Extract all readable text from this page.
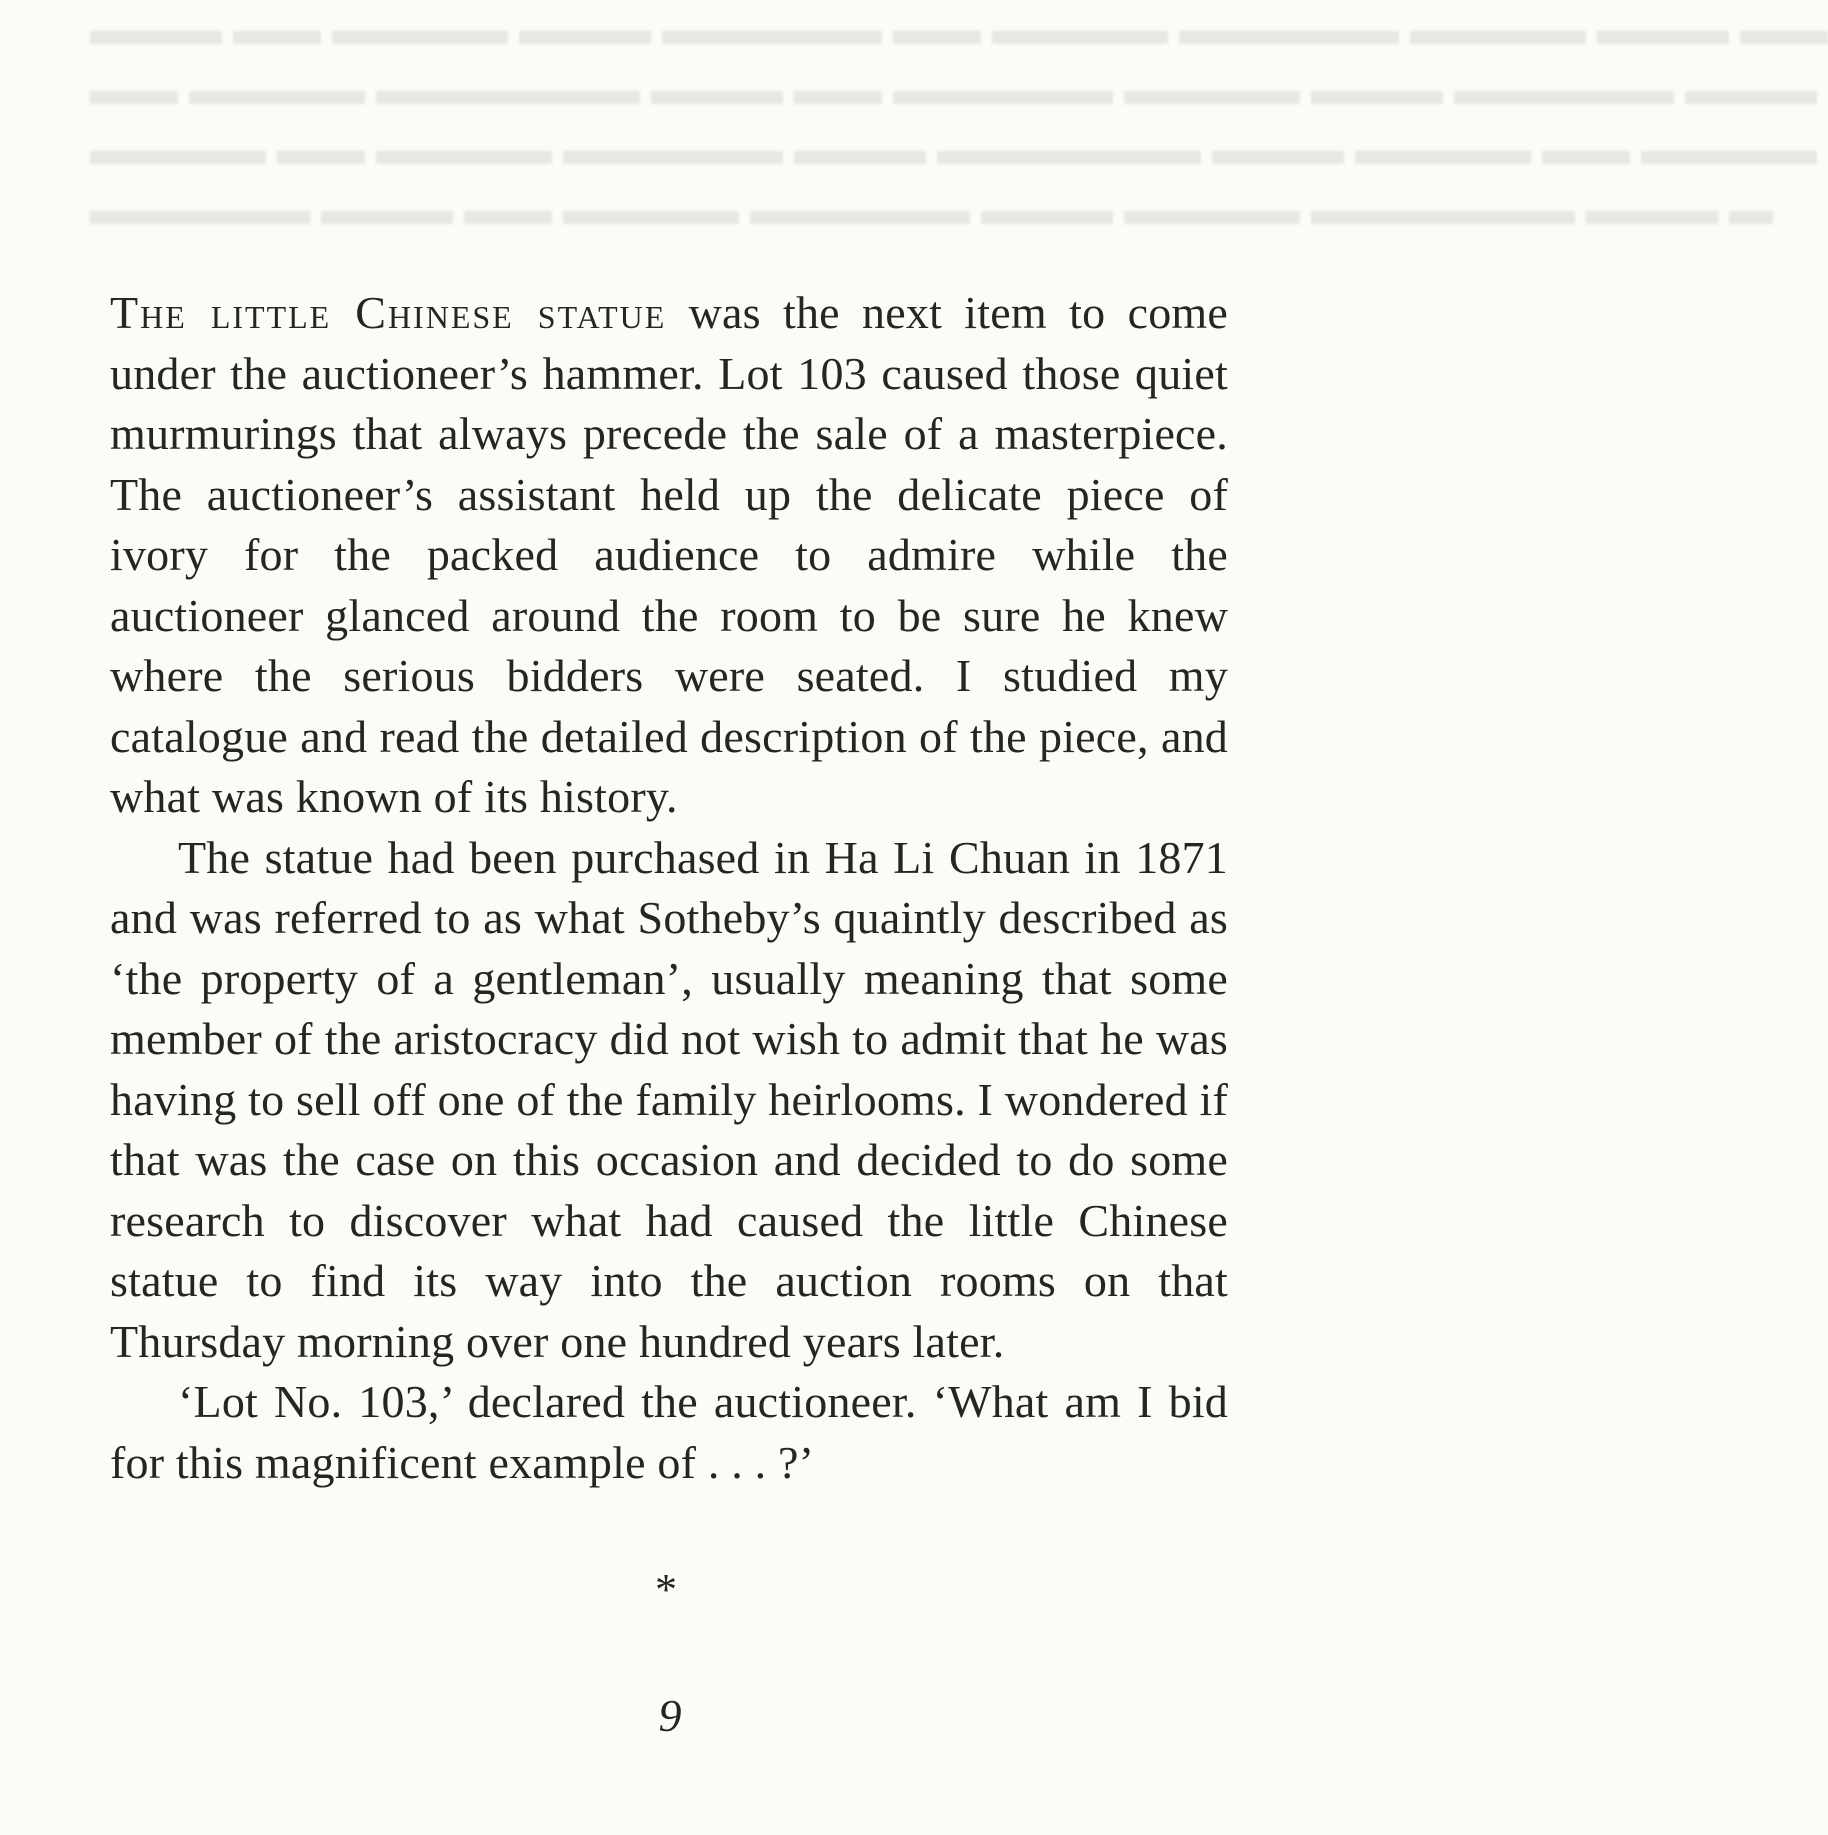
▬▬▬ ▬▬ ▬▬▬▬ ▬▬▬ ▬▬▬▬▬ ▬▬ ▬▬▬▬ ▬▬▬▬▬ ▬▬▬▬ ▬▬▬ ▬▬
▬▬ ▬▬▬▬ ▬▬▬▬▬▬ ▬▬▬ ▬▬ ▬▬▬▬▬ ▬▬▬▬ ▬▬▬ ▬▬▬▬▬ ▬▬▬
▬▬▬▬ ▬▬ ▬▬▬▬ ▬▬▬▬▬ ▬▬▬ ▬▬▬▬▬▬ ▬▬▬ ▬▬▬▬ ▬▬ ▬▬▬▬
▬▬▬▬▬ ▬▬▬ ▬▬ ▬▬▬▬ ▬▬▬▬▬ ▬▬▬ ▬▬▬▬ ▬▬▬▬▬▬ ▬▬▬ ▬

The little Chinese statue was the next item to come under the auctioneer’s hammer. Lot 103 caused those quiet murmurings that always precede the sale of a masterpiece. The auctioneer’s assistant held up the delicate piece of ivory for the packed audience to admire while the auctioneer glanced around the room to be sure he knew where the serious bidders were seated. I studied my catalogue and read the detailed description of the piece, and what was known of its history.

The statue had been purchased in Ha Li Chuan in 1871 and was referred to as what Sotheby’s quaintly described as ‘the property of a gentleman’, usually meaning that some member of the aristocracy did not wish to admit that he was having to sell off one of the family heirlooms. I wondered if that was the case on this occasion and decided to do some research to discover what had caused the little Chinese statue to find its way into the auction rooms on that Thursday morning over one hundred years later.

‘Lot No. 103,’ declared the auctioneer. ‘What am I bid for this magnificent example of . . . ?’

*
9
